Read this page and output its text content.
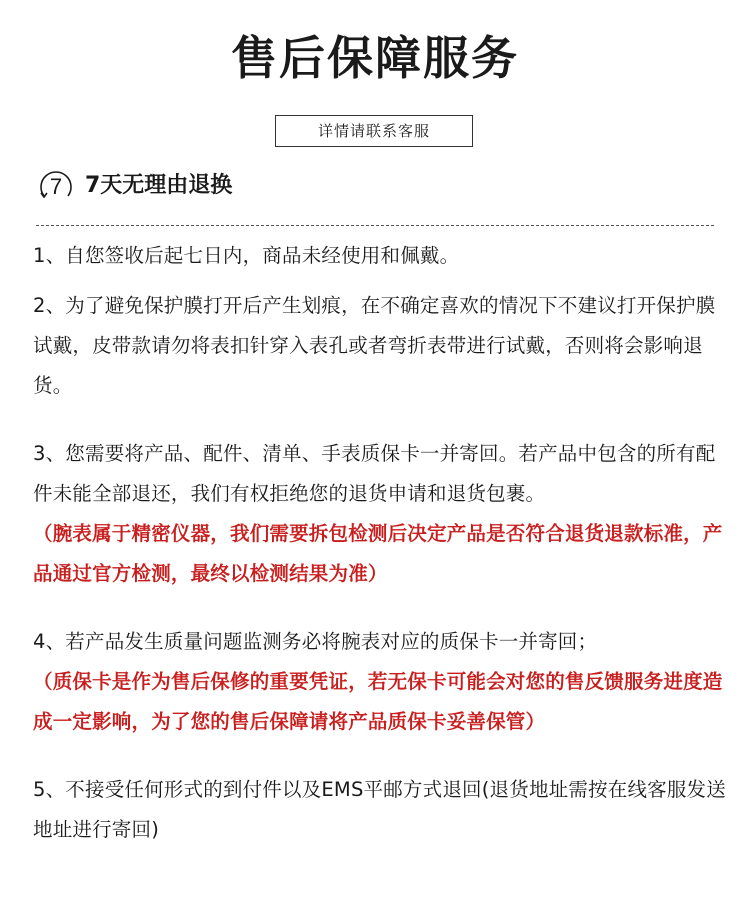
售后保障服务
详情请联系客服
7 7天无理由退换

1、自您签收后起七日内，商品未经使用和佩戴。

2、为了避免保护膜打开后产生划痕，在不确定喜欢的情况下不建议打开保护膜试戴，皮带款请勿将表扣针穿入表孔或者弯折表带进行试戴，否则将会影响退货。

3、您需要将产品、配件、清单、手表质保卡一并寄回。若产品中包含的所有配件未能全部退还，我们有权拒绝您的退货申请和退货包裹。
（腕表属于精密仪器，我们需要拆包检测后决定产品是否符合退货退款标准，产品通过官方检测，最终以检测结果为准）

4、若产品发生质量问题监测务必将腕表对应的质保卡一并寄回；
（质保卡是作为售后保修的重要凭证，若无保卡可能会对您的售反馈服务进度造成一定影响，为了您的售后保障请将产品质保卡妥善保管）

5、不接受任何形式的到付件以及EMS平邮方式退回(退货地址需按在线客服发送地址进行寄回)
